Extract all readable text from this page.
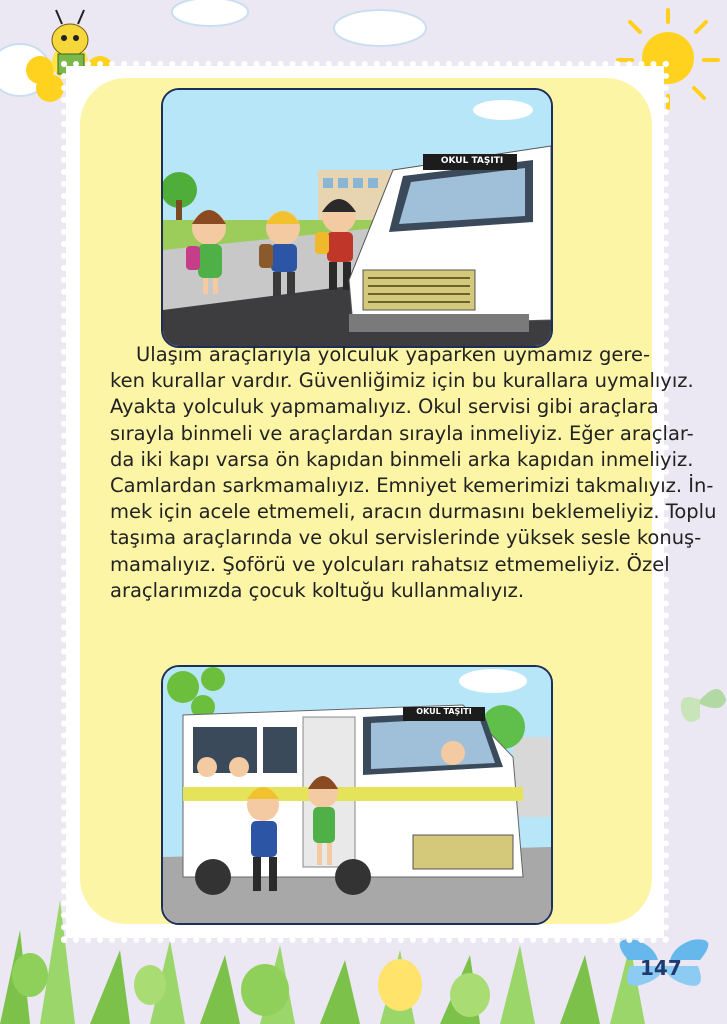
OKUL TAŞITI
Ulaşım araçlarıyla yolculuk yaparken uymamız gere-
ken kurallar vardır. Güvenliğimiz için bu kurallara uymalıyız.
Ayakta yolculuk yapmamalıyız. Okul servisi gibi araçlara
sırayla binmeli ve araçlardan sırayla inmeliyiz. Eğer araçlar-
da iki kapı varsa ön kapıdan binmeli arka kapıdan inmeliyiz.
Camlardan sarkmamalıyız. Emniyet kemerimizi takmalıyız. İn-
mek için acele etmemeli, aracın durmasını beklemeliyiz. Toplu
taşıma araçlarında ve okul servislerinde yüksek sesle konuş-
mamalıyız. Şoförü ve yolcuları rahatsız etmemeliyiz. Özel
araçlarımızda çocuk koltuğu kullanmalıyız.
OKUL TAŞITI
147
